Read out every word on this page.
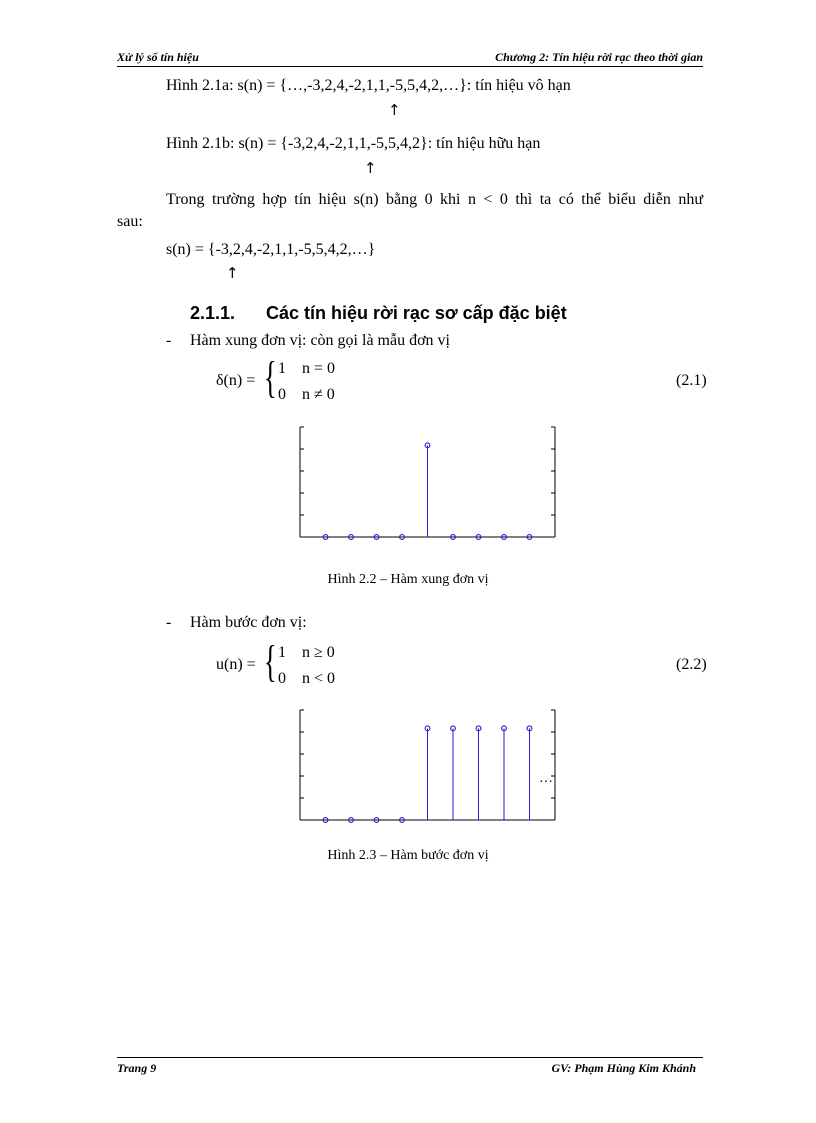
Xử lý số tín hiệu	Chương 2: Tín hiệu rời rạc theo thời gian
Hình 2.1a: s(n) = {…,-3,2,4,-2,1,1,-5,5,4,2,…}: tín hiệu vô hạn
↑
Hình 2.1b: s(n) = {-3,2,4,-2,1,1,-5,5,4,2}: tín hiệu hữu hạn
↑
Trong trường hợp tín hiệu s(n) bằng 0 khi n < 0 thì ta có thể biểu diễn như
sau:
s(n) = {-3,2,4,-2,1,1,-5,5,4,2,…}
↑
2.1.1. Các tín hiệu rời rạc sơ cấp đặc biệt
- Hàm xung đơn vị: còn gọi là mẫu đơn vị
δ(n) = { 1 n = 0
0 n ≠ 0
(2.1)
Hình 2.2 – Hàm xung đơn vị
- Hàm bước đơn vị:
u(n) = { 1 n ≥ 0
0 n < 0
(2.2)
…
Hình 2.3 – Hàm bước đơn vị
Trang 9	GV: Phạm Hùng Kim Khánh
